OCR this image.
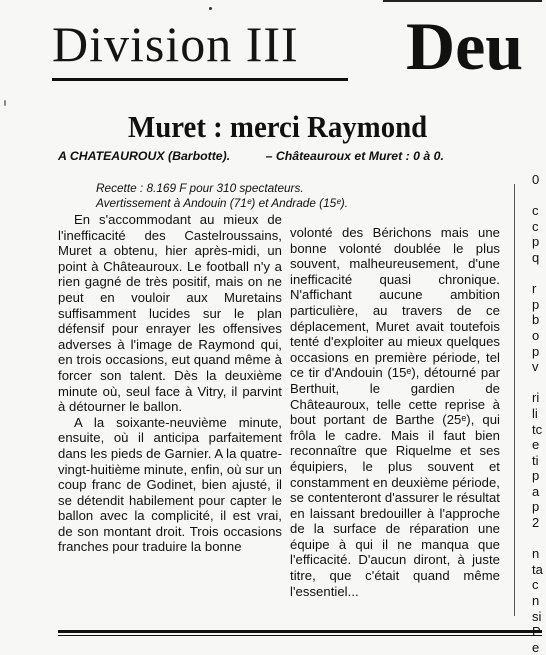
Division III Deu
Muret : merci Raymond
A CHATEAUROUX (Barbotte).	– Châteauroux et Muret : 0 à 0.
Recette : 8.169 F pour 310 spectateurs.
Avertissement à Andouin (71ᵉ) et Andrade (15ᵉ).

En s'accommodant au mieux de l'inefficacité des Castelroussains, Muret a obtenu, hier après-midi, un point à Châteauroux. Le football n'y a rien gagné de très positif, mais on ne peut en vouloir aux Muretains suffisamment lucides sur le plan défensif pour enrayer les offensives adverses à l'image de Raymond qui, en trois occasions, eut quand même à forcer son talent. Dès la deuxième minute où, seul face à Vitry, il parvint à détourner le ballon.

A la soixante-neuvième minute, ensuite, où il anticipa parfaitement dans les pieds de Garnier. A la quatre-vingt-huitième minute, enfin, où sur un coup franc de Godinet, bien ajusté, il se détendit habilement pour capter le ballon avec la complicité, il est vrai, de son montant droit. Trois occasions franches pour traduire la bonne

volonté des Bérichons mais une bonne volonté doublée le plus souvent, malheureusement, d'une inefficacité quasi chronique. N'affichant aucune ambition particulière, au travers de ce déplacement, Muret avait toutefois tenté d'exploiter au mieux quelques occasions en première période, tel ce tir d'Andouin (15ᵉ), détourné par Berthuit, le gardien de Châteauroux, telle cette reprise à bout portant de Barthe (25ᵉ), qui frôla le cadre. Mais il faut bien reconnaître que Riquelme et ses équipiers, le plus souvent et constamment en deuxième période, se contenteront d'assurer le résultat en laissant bredouiller à l'approche de la surface de réparation une équipe à qui il ne manqua que l'efficacité. D'aucun diront, à juste titre, que c'était quand même l'essentiel...

0
c
c
p
q
r
p
b
o
p
v
ri
li
tc
e
ti
p
a
p
2
n
ta
c
n
si
e
